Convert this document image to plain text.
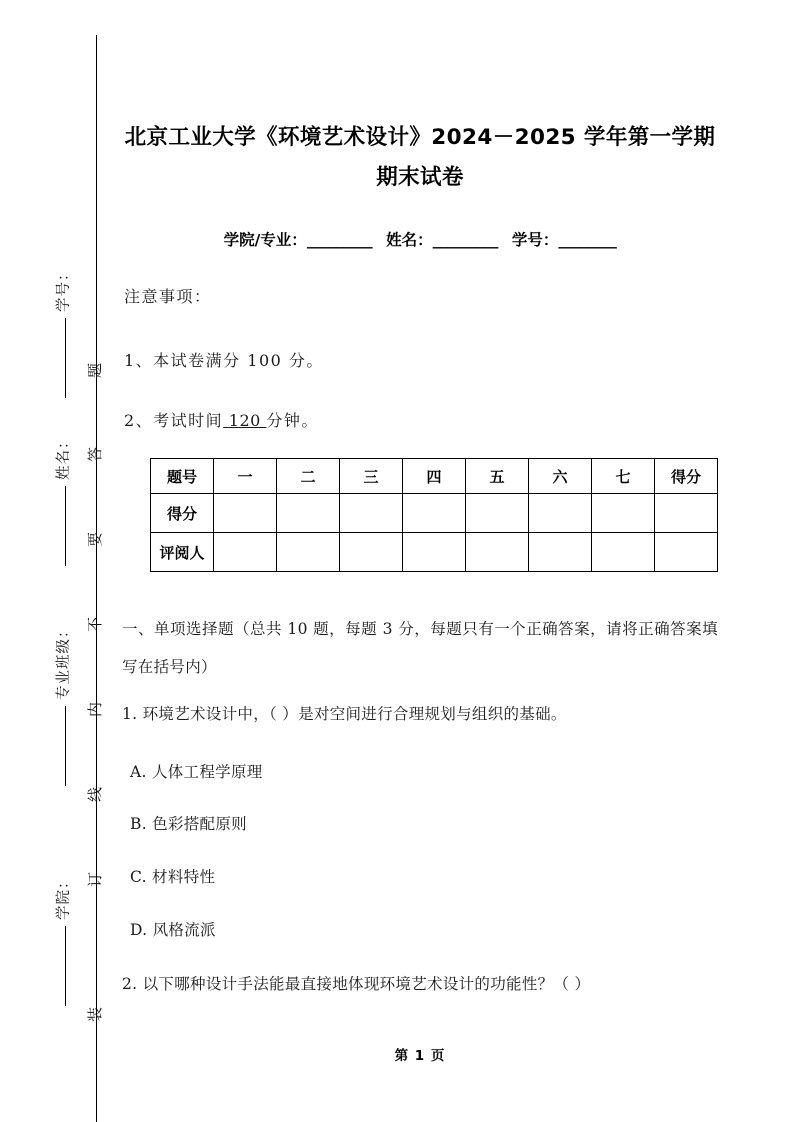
学号：
姓名：
专业班级：
学院：
题
答
要
不
内
线
订
装
北京工业大学《环境艺术设计》2024－2025 学年第一学期期末试卷
学院/专业：_________ 姓名：_________ 学号：________
注意事项：
1、本试卷满分 100 分。
2、考试时间 120 分钟。
题号	一	二	三	四	五	六	七	得分
得分								
评阅人								
一、单项选择题（总共 10 题，每题 3 分，每题只有一个正确答案，请将正确答案填写在括号内）
1. 环境艺术设计中，（ ）是对空间进行合理规划与组织的基础。
A. 人体工程学原理
B. 色彩搭配原则
C. 材料特性
D. 风格流派
2. 以下哪种设计手法能最直接地体现环境艺术设计的功能性？（ ）
第 1 页
